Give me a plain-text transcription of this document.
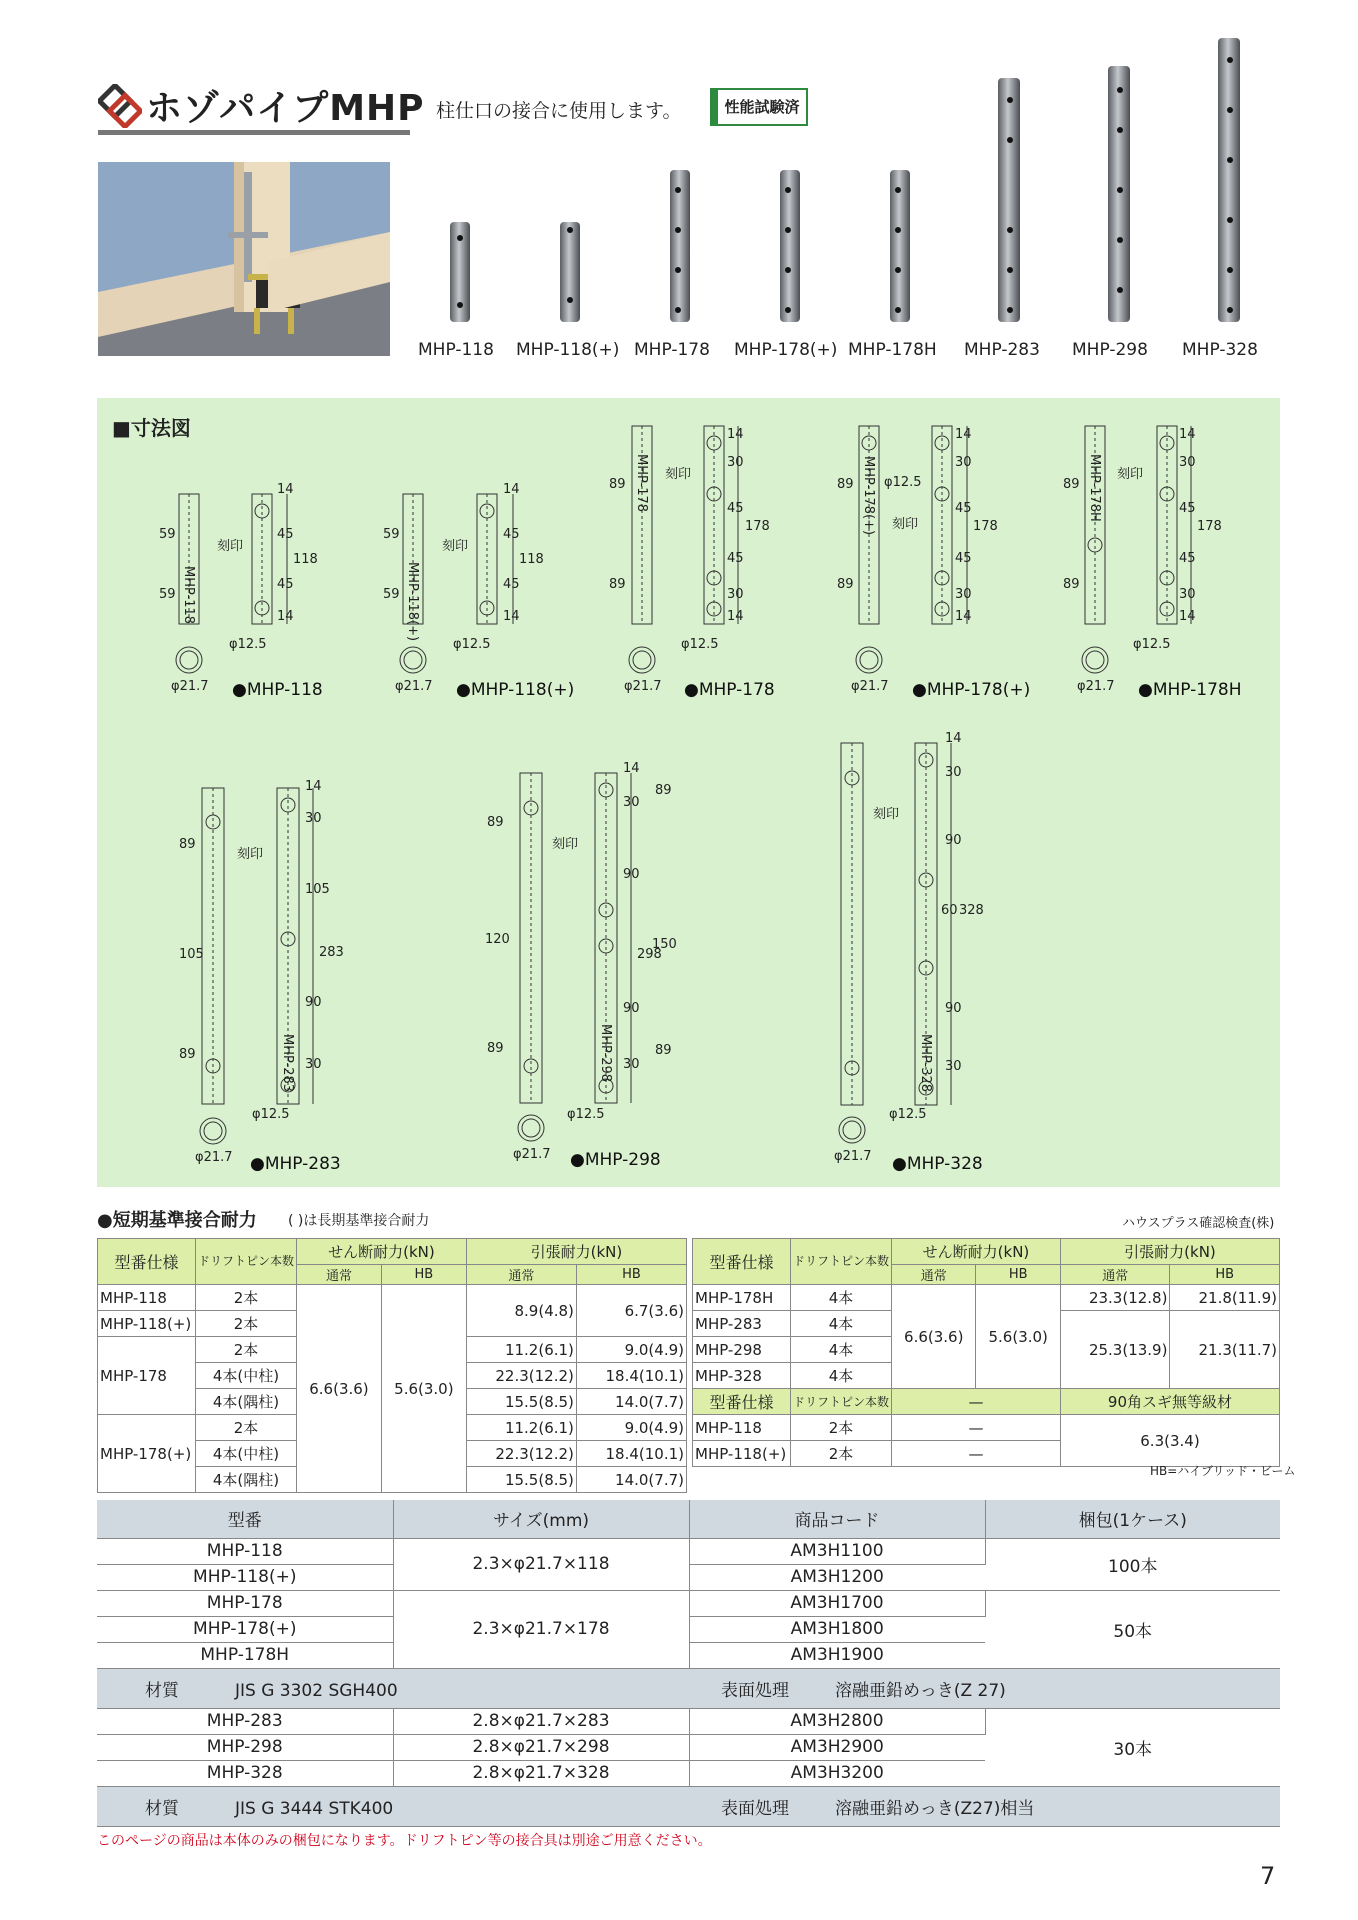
ホゾパイプMHP 柱仕口の接合に使用します。	性能試験済
MHP-118 MHP-118(+) MHP-178 MHP-178(+) MHP-178H MHP-283 MHP-298 MHP-328
■寸法図
59
59
14
45
45
14
118
59
59
14
45
45
14
118
89
89
14
30
45
45
30
14
178
89
89
φ12.5
14
30
45
45
30
14
178
89
89
14
30
45
45
30
14
178
89
105
89
14
30
105
90
30
283
89
120
89
14
30
90
298
90
30
89
150
89
14
30
90
60 328
90
30
刻印	刻印
刻印
刻印
刻印
刻印
刻印
刻印
φ12.5	φ12.5	φ12.5	φ12.5
φ12.5	φ12.5	φ12.5
φ21.7	φ21.7	φ21.7	φ21.7	φ21.7
φ21.7	φ21.7	φ21.7
MHP-118	MHP-118(+)
MHP-178	MHP-178(+)	MHP-178H
MHP-283	MHP-298	MHP-328
●MHP-118	●MHP-118(+)	●MHP-178	●MHP-178(+)	●MHP-178H
●MHP-283	●MHP-298	●MHP-328
●短期基準接合耐力 ( )は長期基準接合耐力	ハウスプラス確認検査(株)
型番仕様	ドリフトピン本数	せん断耐力(kN)		引張耐力(kN)	
		通常	HB	通常	HB
MHP-118	2本	6.6(3.6)	5.6(3.0)	8.9(4.8)	6.7(3.6)
MHP-118(+)	2本				
MHP-178	2本			11.2(6.1)	9.0(4.9)
	4本(中柱)			22.3(12.2)	18.4(10.1)
	4本(隅柱)			15.5(8.5)	14.0(7.7)
MHP-178(+)	2本			11.2(6.1)	9.0(4.9)
	4本(中柱)			22.3(12.2)	18.4(10.1)
	4本(隅柱)			15.5(8.5)	14.0(7.7)
型番仕様	ドリフトピン本数	せん断耐力(kN)		引張耐力(kN)	
		通常	HB	通常	HB
MHP-178H	4本	6.6(3.6)	5.6(3.0)	23.3(12.8)	21.8(11.9)
MHP-283	4本			25.3(13.9)	21.3(11.7)
MHP-298	4本				
MHP-328	4本				
型番仕様	ドリフトピン本数	—		90角スギ無等級材	
MHP-118	2本	—		6.3(3.4)	
MHP-118(+)	2本	—			
HB=ハイブリッド・ビーム
型番	サイズ(mm)	商品コード	梱包(1ケース)
MHP-118	2.3×φ21.7×118	AM3H1100	100本
MHP-118(+)		AM3H1200	
MHP-178	2.3×φ21.7×178	AM3H1700	50本
MHP-178(+)		AM3H1800	
MHP-178H		AM3H1900	
材質 JIS G 3302 SGH400		表面処理 溶融亜鉛めっき(Z 27)	
MHP-283	2.8×φ21.7×283	AM3H2800	30本
MHP-298	2.8×φ21.7×298	AM3H2900	
MHP-328	2.8×φ21.7×328	AM3H3200	
材質 JIS G 3444 STK400		表面処理 溶融亜鉛めっき(Z27)相当	
このページの商品は本体のみの梱包になります。ドリフトピン等の接合具は別途ご用意ください。
7
